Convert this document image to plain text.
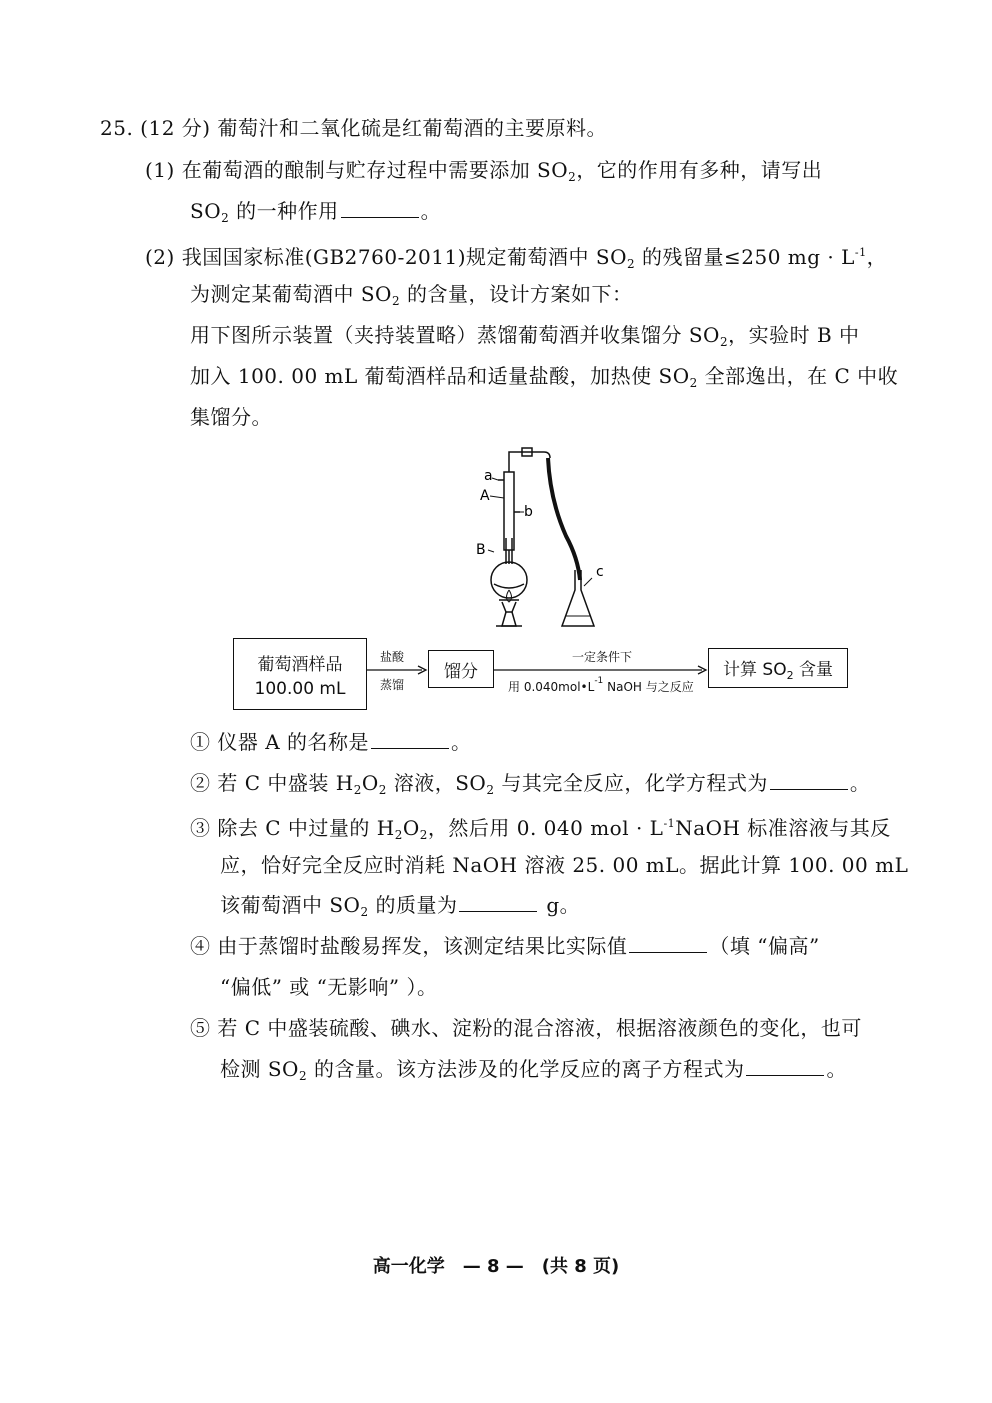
25. (12 分) 葡萄汁和二氧化硫是红葡萄酒的主要原料。
(1) 在葡萄酒的酿制与贮存过程中需要添加 $SO_2$，它的作用有多种，请写出
$SO_2$ 的一种作用	。
(2) 我国国家标准(GB2760-2011)规定葡萄酒中 $SO_2$ 的残留量≤250 mg · $L^{-1}$，
为测定某葡萄酒中 $SO_2$ 的含量，设计方案如下：
用下图所示装置（夹持装置略）蒸馏葡萄酒并收集馏分 $SO_2$，实验时 B 中
加入 100. 00 mL 葡萄酒样品和适量盐酸，加热使 $SO_2$ 全部逸出，在 C 中收
集馏分。
a
A
b
B
c
葡萄酒样品
100.00 mL
盐酸
蒸馏
馏分
一定条件下
用 $0.040mol•L^{-1}$ NaOH 与之反应
计算 $SO_2$ 含量
① 仪器 A 的名称是	。
② 若 C 中盛装 $H_2O_2$ 溶液，$SO_2$ 与其完全反应，化学方程式为	。
③ 除去 C 中过量的 $H_2O_2$，然后用 0. 040 mol · $L^{-1}NaOH$ 标准溶液与其反
应，恰好完全反应时消耗 NaOH 溶液 25. 00 mL。据此计算 100. 00 mL
该葡萄酒中 $SO_2$ 的质量为	g。
④ 由于蒸馏时盐酸易挥发，该测定结果比实际值	（填 “偏高”
“偏低” 或 “无影响” ）。
⑤ 若 C 中盛装硫酸、碘水、淀粉的混合溶液，根据溶液颜色的变化，也可
检测 $SO_2$ 的含量。该方法涉及的化学反应的离子方程式为	。
高一化学　— 8 —　(共 8 页)
